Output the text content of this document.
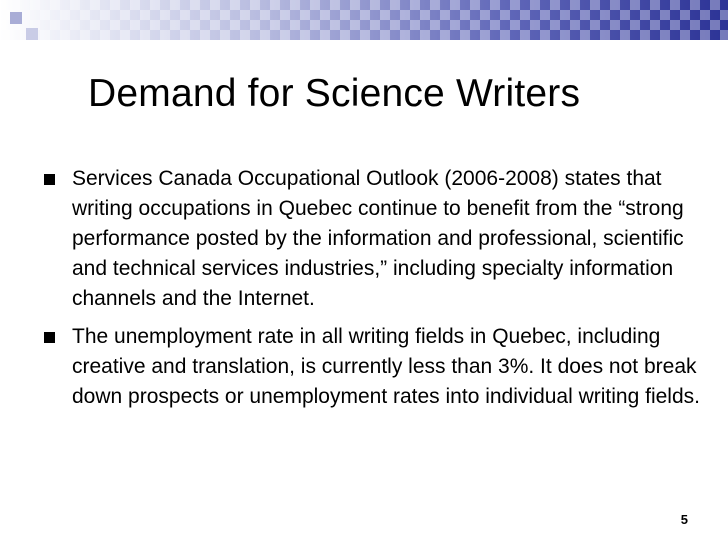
Demand for Science Writers
Services Canada Occupational Outlook (2006-2008) states that writing occupations in Quebec continue to benefit from the “strong performance posted by the information and professional, scientific and technical services industries,” including specialty information channels and the Internet.
The unemployment rate in all writing fields in Quebec, including creative and translation, is currently less than 3%. It does not break down prospects or unemployment rates into individual writing fields.
5
